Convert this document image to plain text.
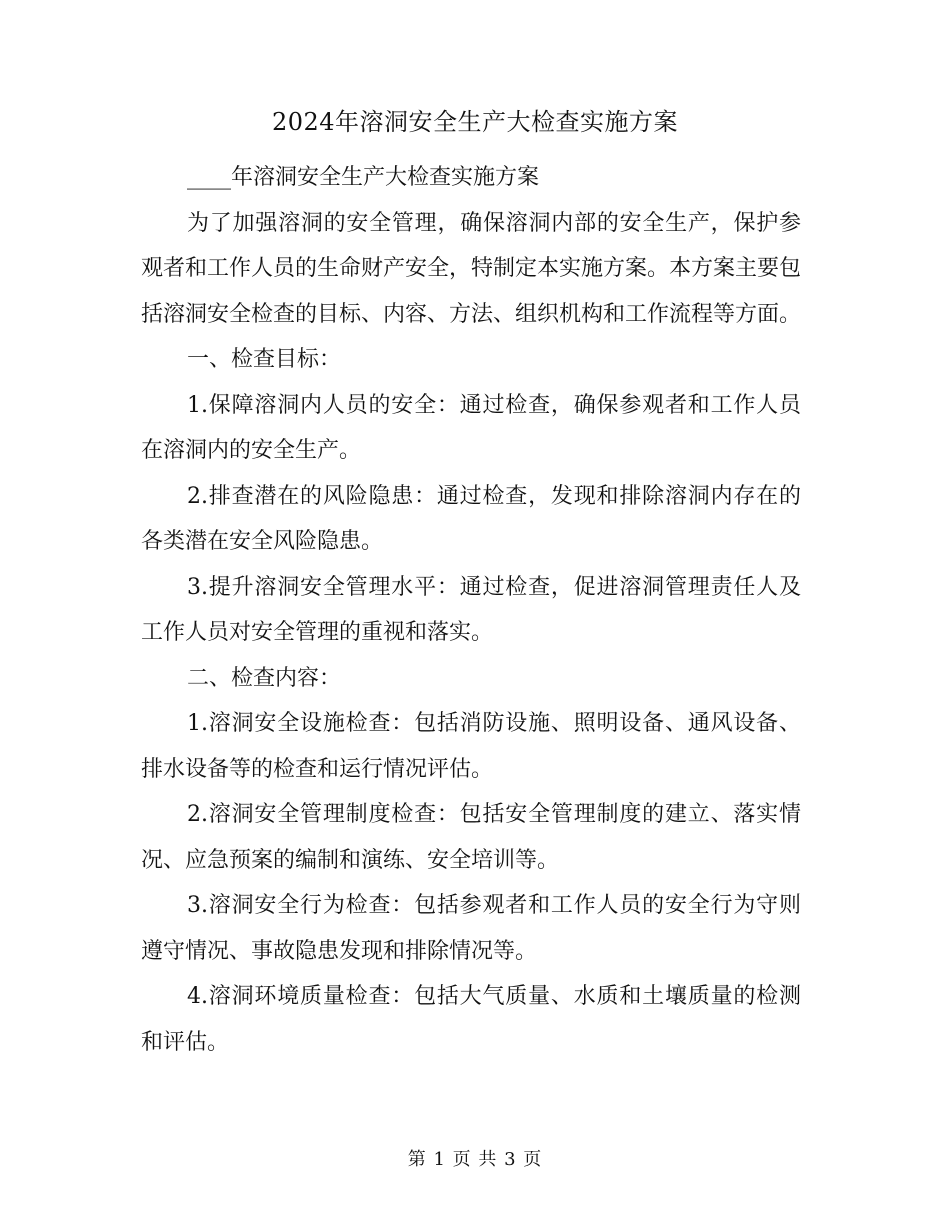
2024年溶洞安全生产大检查实施方案

____年溶洞安全生产大检查实施方案

为了加强溶洞的安全管理，确保溶洞内部的安全生产，保护参观者和工作人员的生命财产安全，特制定本实施方案。本方案主要包括溶洞安全检查的目标、内容、方法、组织机构和工作流程等方面。

一、检查目标：

1.保障溶洞内人员的安全：通过检查，确保参观者和工作人员在溶洞内的安全生产。

2.排查潜在的风险隐患：通过检查，发现和排除溶洞内存在的各类潜在安全风险隐患。

3.提升溶洞安全管理水平：通过检查，促进溶洞管理责任人及工作人员对安全管理的重视和落实。

二、检查内容：

1.溶洞安全设施检查：包括消防设施、照明设备、通风设备、排水设备等的检查和运行情况评估。

2.溶洞安全管理制度检查：包括安全管理制度的建立、落实情况、应急预案的编制和演练、安全培训等。

3.溶洞安全行为检查：包括参观者和工作人员的安全行为守则遵守情况、事故隐患发现和排除情况等。

4.溶洞环境质量检查：包括大气质量、水质和土壤质量的检测和评估。

第 1 页 共 3 页
